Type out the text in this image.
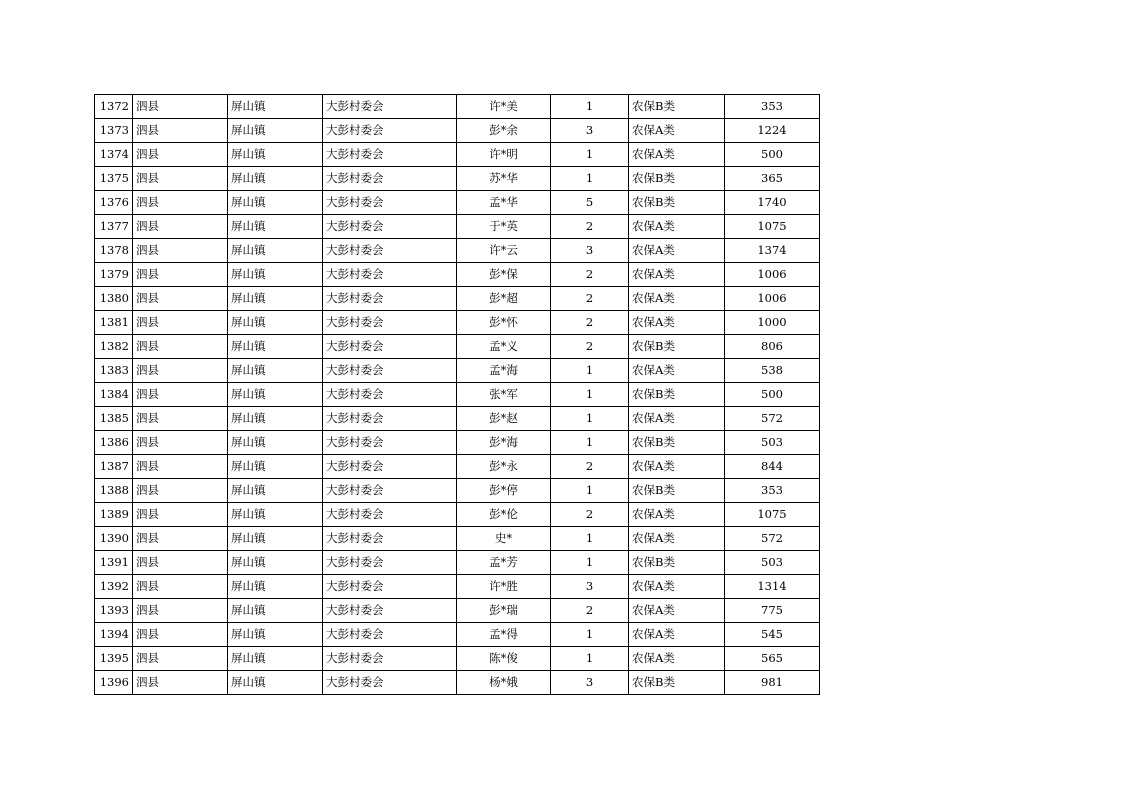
1372	泗县	屏山镇	大彭村委会	许*美	1	农保B类	353
1373	泗县	屏山镇	大彭村委会	彭*余	3	农保A类	1224
1374	泗县	屏山镇	大彭村委会	许*明	1	农保A类	500
1375	泗县	屏山镇	大彭村委会	苏*华	1	农保B类	365
1376	泗县	屏山镇	大彭村委会	孟*华	5	农保B类	1740
1377	泗县	屏山镇	大彭村委会	于*英	2	农保A类	1075
1378	泗县	屏山镇	大彭村委会	许*云	3	农保A类	1374
1379	泗县	屏山镇	大彭村委会	彭*保	2	农保A类	1006
1380	泗县	屏山镇	大彭村委会	彭*超	2	农保A类	1006
1381	泗县	屏山镇	大彭村委会	彭*怀	2	农保A类	1000
1382	泗县	屏山镇	大彭村委会	孟*义	2	农保B类	806
1383	泗县	屏山镇	大彭村委会	孟*海	1	农保A类	538
1384	泗县	屏山镇	大彭村委会	张*军	1	农保B类	500
1385	泗县	屏山镇	大彭村委会	彭*赵	1	农保A类	572
1386	泗县	屏山镇	大彭村委会	彭*海	1	农保B类	503
1387	泗县	屏山镇	大彭村委会	彭*永	2	农保A类	844
1388	泗县	屏山镇	大彭村委会	彭*停	1	农保B类	353
1389	泗县	屏山镇	大彭村委会	彭*伦	2	农保A类	1075
1390	泗县	屏山镇	大彭村委会	史*	1	农保A类	572
1391	泗县	屏山镇	大彭村委会	孟*芳	1	农保B类	503
1392	泗县	屏山镇	大彭村委会	许*胜	3	农保A类	1314
1393	泗县	屏山镇	大彭村委会	彭*瑞	2	农保A类	775
1394	泗县	屏山镇	大彭村委会	孟*得	1	农保A类	545
1395	泗县	屏山镇	大彭村委会	陈*俊	1	农保A类	565
1396	泗县	屏山镇	大彭村委会	杨*娥	3	农保B类	981
